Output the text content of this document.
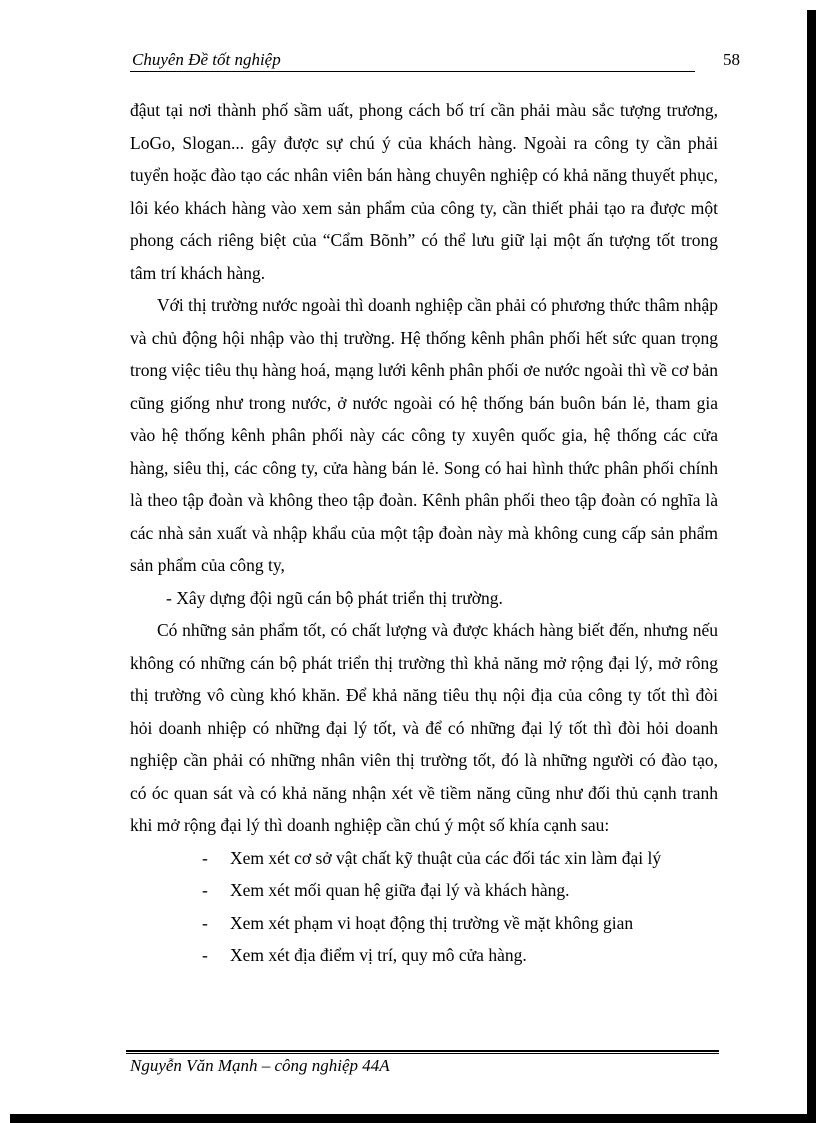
Chuyên Đề tốt nghiệp	58

đậut tại nơi thành phố sầm uất, phong cách bố trí cần phải màu sắc tượng trương, LoGo, Slogan... gây được sự chú ý của khách hàng. Ngoài ra công ty cần phải tuyển hoặc đào tạo các nhân viên bán hàng chuyên nghiệp có khả năng thuyết phục, lôi kéo khách hàng vào xem sản phẩm của công ty, cần thiết phải tạo ra được một phong cách riêng biệt của “Cẩm Bõnh” có thể lưu giữ lại một ấn tượng tốt trong tâm trí khách hàng.

Với thị trường nước ngoài thì doanh nghiệp cần phải có phương thức thâm nhập và chủ động hội nhập vào thị trường. Hệ thống kênh phân phối hết sức quan trọng trong việc tiêu thụ hàng hoá, mạng lưới kênh phân phối ơe nước ngoài thì về cơ bản cũng giống như trong nước, ở nước ngoài có hệ thống bán buôn bán lẻ, tham gia vào hệ thống kênh phân phối này các công ty xuyên quốc gia, hệ thống các cửa hàng, siêu thị, các công ty, cửa hàng bán lẻ. Song có hai hình thức phân phối chính là theo tập đoàn và không theo tập đoàn. Kênh phân phối theo tập đoàn có nghĩa là các nhà sản xuất và nhập khẩu của một tập đoàn này mà không cung cấp sản phẩm sản phẩm của công ty,

- Xây dựng đội ngũ cán bộ phát triển thị trường.

Có những sản phẩm tốt, có chất lượng và được khách hàng biết đến, nhưng nếu không có những cán bộ phát triển thị trường thì khả năng mở rộng đại lý, mở rông thị trường vô cùng khó khăn. Để khả năng tiêu thụ nội địa của công ty tốt thì đòi hỏi doanh nhiệp có những đại lý tốt, và để có những đại lý tốt thì đòi hỏi doanh nghiệp cần phải có những nhân viên thị trường tốt, đó là những người có đào tạo, có óc quan sát và có khả năng nhận xét về tiềm năng cũng như đối thủ cạnh tranh khi mở rộng đại lý thì doanh nghiệp cần chú ý một số khía cạnh sau:

- Xem xét cơ sở vật chất kỹ thuật của các đối tác xin làm đại lý
- Xem xét mối quan hệ giữa đại lý và khách hàng.
- Xem xét phạm vi hoạt động thị trường về mặt không gian
- Xem xét địa điểm vị trí, quy mô cửa hàng.
Nguyễn Văn Mạnh – công nghiệp 44A
